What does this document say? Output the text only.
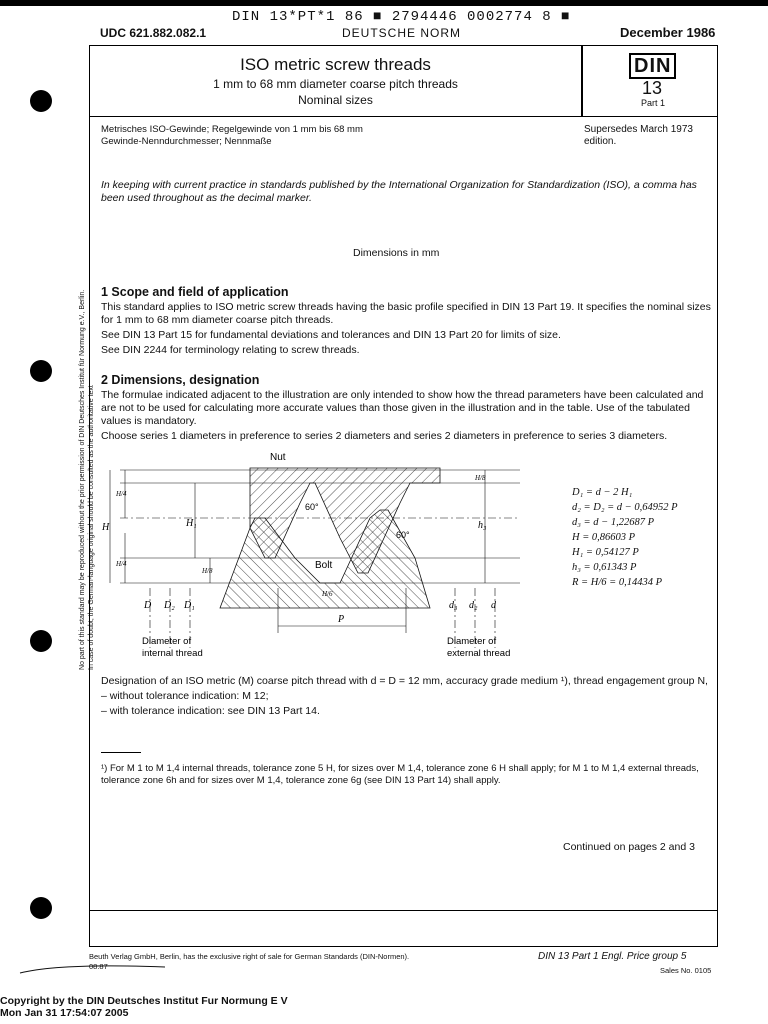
DIN 13*PT*1 86 ■ 2794446 0002774 8 ■
UDC 621.882.082.1	DEUTSCHE NORM	December 1986
No part of this standard may be reproduced without the prior permission of DIN Deutsches Institut für Normung e.V., Berlin. In case of doubt, the German-language original should be consulted as the authoritative text
ISO metric screw threads
1 mm to 68 mm diameter coarse pitch threads
Nominal sizes
DIN
13
Part 1
Metrisches ISO-Gewinde; Regelgewinde von 1 mm bis 68 mm
Gewinde-Nenndurchmesser; Nennmaße
Supersedes March 1973
edition.
In keeping with current practice in standards published by the International Organization for Standardization (ISO), a comma has been used throughout as the decimal marker.
Dimensions in mm
1 Scope and field of application
This standard applies to ISO metric screw threads having the basic profile specified in DIN 13 Part 19. It specifies the nominal sizes for 1 mm to 68 mm diameter coarse pitch threads.
See DIN 13 Part 15 for fundamental deviations and tolerances and DIN 13 Part 20 for limits of size.
See DIN 2244 for terminology relating to screw threads.
2 Dimensions, designation
The formulae indicated adjacent to the illustration are only intended to show how the thread parameters have been calculated and are not to be used for calculating more accurate values than those given in the illustration and in the table. Use of the tabulated values is mandatory.
Choose series 1 diameters in preference to series 2 diameters and series 2 diameters in preference to series 3 diameters.
Nut
Bolt
60°
60°
P
H	H₁
H/4
H/4
H/8
H/8
H/6
h₃
D D₂ D₁	d₃ d₂ d
Diameter of
internal thread
Diameter of
external thread
D₁ = d − 2 H₁
d₂ = D₂ = d − 0,64952 P
d₃ = d − 1,22687 P
H = 0,86603 P
H₁ = 0,54127 P
h₃ = 0,61343 P
R = H/6 = 0,14434 P
Designation of an ISO metric (M) coarse pitch thread with d = D = 12 mm, accuracy grade medium ¹), thread engagement group N,
– without tolerance indication: M 12;
– with tolerance indication: see DIN 13 Part 14.
¹) For M 1 to M 1,4 internal threads, tolerance zone 5 H, for sizes over M 1,4, tolerance zone 6 H shall apply; for M 1 to M 1,4 external threads, tolerance zone 6h and for sizes over M 1,4, tolerance zone 6g (see DIN 13 Part 14) shall apply.
Continued on pages 2 and 3
Beuth Verlag GmbH, Berlin, has the exclusive right of sale for German Standards (DIN-Normen).
08.87
DIN 13 Part 1 Engl. Price group 5
Sales No. 0105
Copyright by the DIN Deutsches Institut Fur Normung E V
Mon Jan 31 17:54:07 2005
